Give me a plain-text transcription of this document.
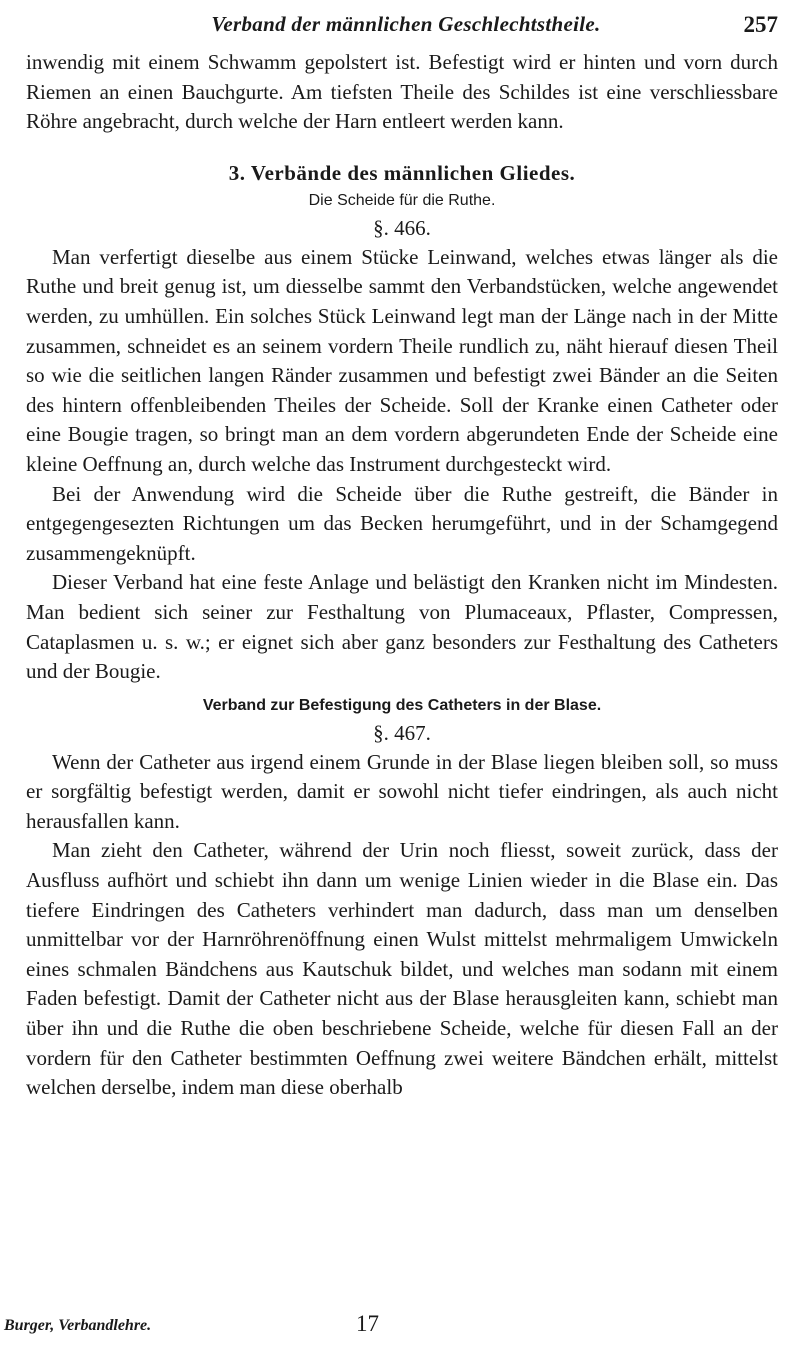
Verband der männlichen Geschlechtstheile.	257

inwendig mit einem Schwamm gepolstert ist. Befestigt wird er hinten und vorn durch Riemen an einen Bauchgurte. Am tiefsten Theile des Schildes ist eine verschliessbare Röhre angebracht, durch welche der Harn entleert werden kann.

3. Verbände des männlichen Gliedes.
Die Scheide für die Ruthe.
§. 466.

Man verfertigt dieselbe aus einem Stücke Leinwand, welches etwas länger als die Ruthe und breit genug ist, um diesselbe sammt den Verbandstücken, welche angewendet werden, zu umhüllen. Ein solches Stück Leinwand legt man der Länge nach in der Mitte zusammen, schneidet es an seinem vordern Theile rundlich zu, näht hierauf diesen Theil so wie die seitlichen langen Ränder zusammen und befestigt zwei Bänder an die Seiten des hintern offenbleibenden Theiles der Scheide. Soll der Kranke einen Catheter oder eine Bougie tragen, so bringt man an dem vordern abgerundeten Ende der Scheide eine kleine Oeffnung an, durch welche das Instrument durchgesteckt wird.

Bei der Anwendung wird die Scheide über die Ruthe gestreift, die Bänder in entgegengesezten Richtungen um das Becken herumgeführt, und in der Schamgegend zusammengeknüpft.

Dieser Verband hat eine feste Anlage und belästigt den Kranken nicht im Mindesten. Man bedient sich seiner zur Festhaltung von Plumaceaux, Pflaster, Compressen, Cataplasmen u. s. w.; er eignet sich aber ganz besonders zur Festhaltung des Catheters und der Bougie.

Verband zur Befestigung des Catheters in der Blase.
§. 467.

Wenn der Catheter aus irgend einem Grunde in der Blase liegen bleiben soll, so muss er sorgfältig befestigt werden, damit er sowohl nicht tiefer eindringen, als auch nicht herausfallen kann.

Man zieht den Catheter, während der Urin noch fliesst, soweit zurück, dass der Ausfluss aufhört und schiebt ihn dann um wenige Linien wieder in die Blase ein. Das tiefere Eindringen des Catheters verhindert man dadurch, dass man um denselben unmittelbar vor der Harnröhrenöffnung einen Wulst mittelst mehrmaligem Umwickeln eines schmalen Bändchens aus Kautschuk bildet, und welches man sodann mit einem Faden befestigt. Damit der Catheter nicht aus der Blase herausgleiten kann, schiebt man über ihn und die Ruthe die oben beschriebene Scheide, welche für diesen Fall an der vordern für den Catheter bestimmten Oeffnung zwei weitere Bändchen erhält, mittelst welchen derselbe, indem man diese oberhalb

Burger, Verbandlehre.	17
